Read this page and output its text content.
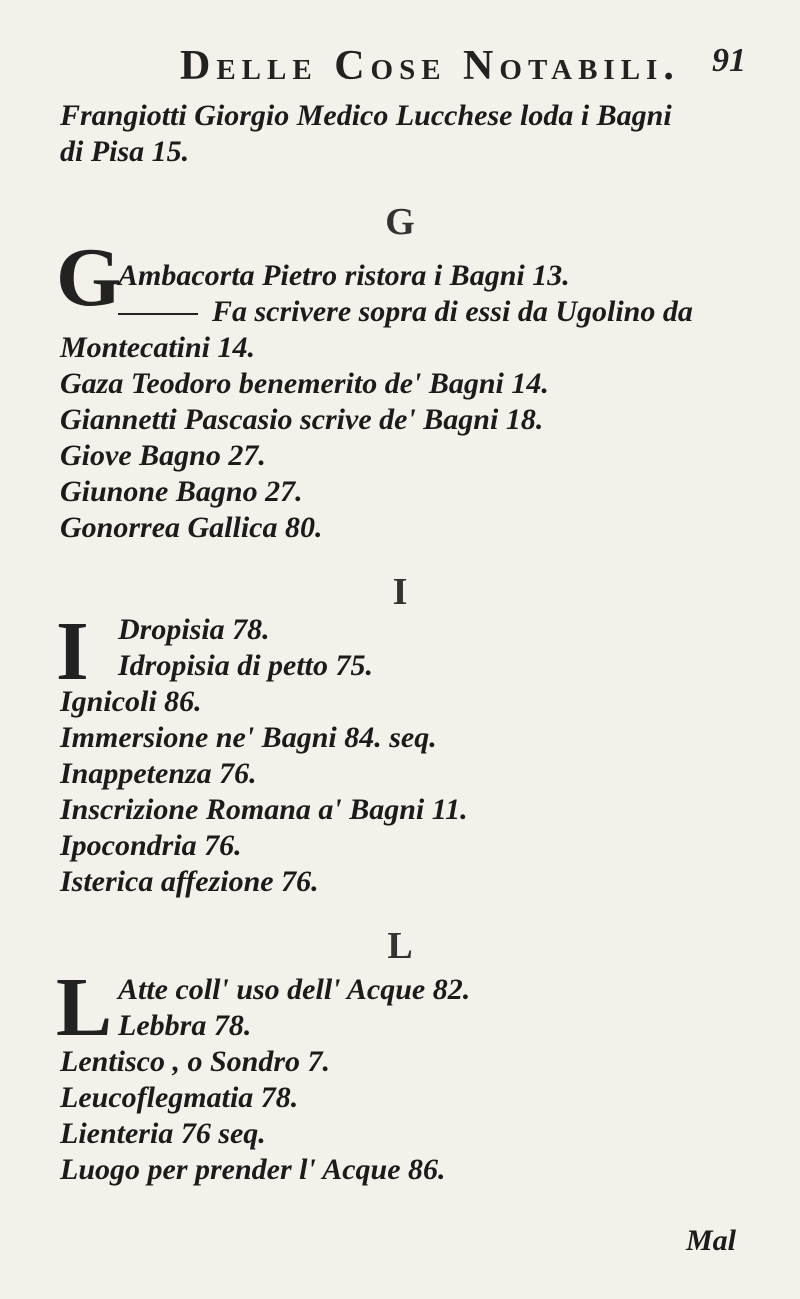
Delle Cose Notabili. 91
Frangiotti Giorgio Medico Lucchese loda i Bagni
di Pisa 15.
G
G
Ambacorta Pietro ristora i Bagni 13.
Fa scrivere sopra di essi da Ugolino da
Montecatini 14.
Gaza Teodoro benemerito de' Bagni 14.
Giannetti Pascasio scrive de' Bagni 18.
Giove Bagno 27.
Giunone Bagno 27.
Gonorrea Gallica 80.
I
I Dropisia 78.
Idropisia di petto 75.
Ignicoli 86.
Immersione ne' Bagni 84. seq.
Inappetenza 76.
Inscrizione Romana a' Bagni 11.
Ipocondria 76.
Isterica affezione 76.
L
L Atte coll' uso dell' Acque 82.
Lebbra 78.
Lentisco , o Sondro 7.
Leucoflegmatia 78.
Lienteria 76 seq.
Luogo per prender l' Acque 86.
Mal
